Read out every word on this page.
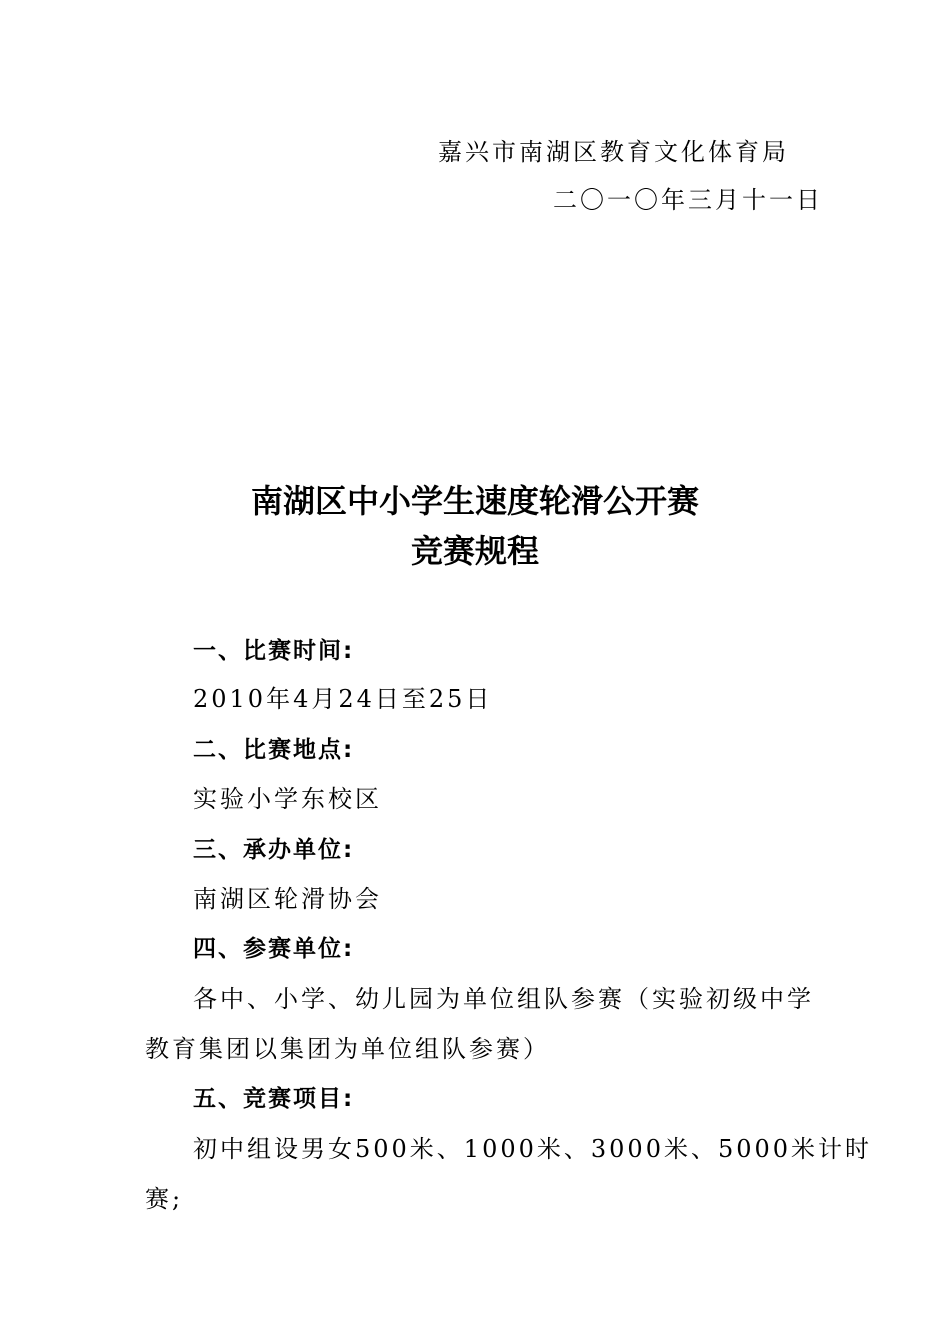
嘉兴市南湖区教育文化体育局
二〇一〇年三月十一日
南湖区中小学生速度轮滑公开赛
竞赛规程
一、比赛时间:
2010年4月24日至25日
二、比赛地点:
实验小学东校区
三、承办单位:
南湖区轮滑协会
四、参赛单位:
各中、小学、幼儿园为单位组队参赛（实验初级中学
教育集团以集团为单位组队参赛）
五、竞赛项目:
初中组设男女500米、1000米、3000米、5000米计时
赛;
